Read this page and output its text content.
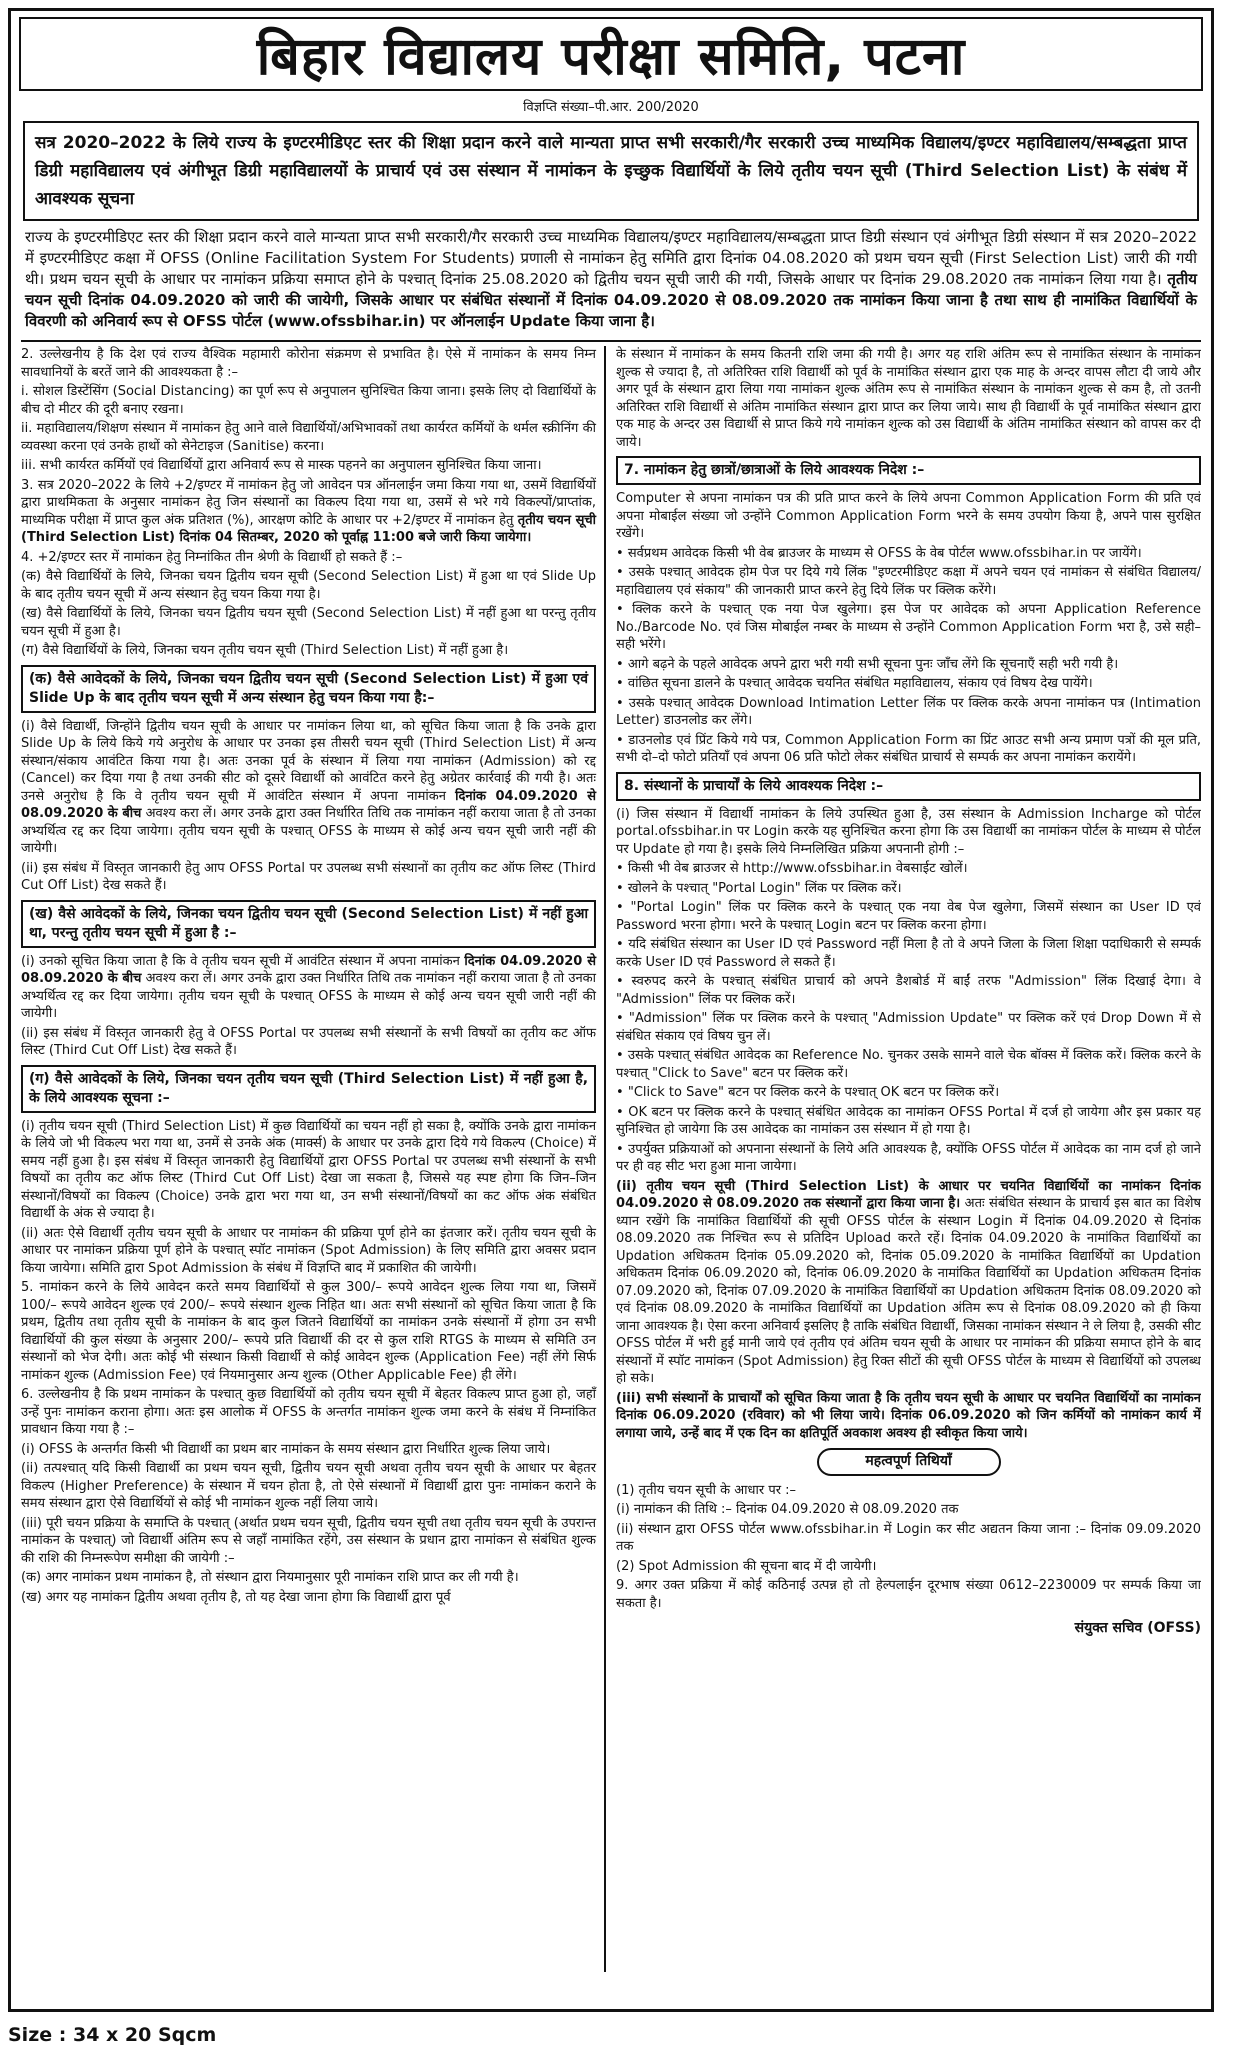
बिहार विद्यालय परीक्षा समिति, पटना
विज्ञप्ति संख्या–पी.आर. 200/2020
सत्र 2020–2022 के लिये राज्य के इण्टरमीडिएट स्तर की शिक्षा प्रदान करने वाले मान्यता प्राप्त सभी सरकारी/गैर सरकारी उच्च माध्यमिक विद्यालय/इण्टर महाविद्यालय/सम्बद्धता प्राप्त डिग्री महाविद्यालय एवं अंगीभूत डिग्री महाविद्यालयों के प्राचार्य एवं उस संस्थान में नामांकन के इच्छुक विद्यार्थियों के लिये तृतीय चयन सूची (Third Selection List) के संबंध में आवश्यक सूचना
राज्य के इण्टरमीडिएट स्तर की शिक्षा प्रदान करने वाले मान्यता प्राप्त सभी सरकारी/गैर सरकारी उच्च माध्यमिक विद्यालय/इण्टर महाविद्यालय/सम्बद्धता प्राप्त डिग्री संस्थान एवं अंगीभूत डिग्री संस्थान में सत्र 2020–2022 में इण्टरमीडिएट कक्षा में OFSS (Online Facilitation System For Students) प्रणाली से नामांकन हेतु समिति द्वारा दिनांक 04.08.2020 को प्रथम चयन सूची (First Selection List) जारी की गयी थी। प्रथम चयन सूची के आधार पर नामांकन प्रक्रिया समाप्त होने के पश्चात् दिनांक 25.08.2020 को द्वितीय चयन सूची जारी की गयी, जिसके आधार पर दिनांक 29.08.2020 तक नामांकन लिया गया है। तृतीय चयन सूची दिनांक 04.09.2020 को जारी की जायेगी, जिसके आधार पर संबंधित संस्थानों में दिनांक 04.09.2020 से 08.09.2020 तक नामांकन किया जाना है तथा साथ ही नामांकित विद्यार्थियों के विवरणी को अनिवार्य रूप से OFSS पोर्टल (www.ofssbihar.in) पर ऑनलाईन Update किया जाना है।

2. उल्लेखनीय है कि देश एवं राज्य वैश्विक महामारी कोरोना संक्रमण से प्रभावित है। ऐसे में नामांकन के समय निम्न सावधानियों के बरतें जाने की आवश्यकता है :–

i. सोशल डिस्टेंसिंग (Social Distancing) का पूर्ण रूप से अनुपालन सुनिश्चित किया जाना। इसके लिए दो विद्यार्थियों के बीच दो मीटर की दूरी बनाए रखना।

ii. महाविद्यालय/शिक्षण संस्थान में नामांकन हेतु आने वाले विद्यार्थियों/अभिभावकों तथा कार्यरत कर्मियों के थर्मल स्क्रीनिंग की व्यवस्था करना एवं उनके हाथों को सेनेटाइज (Sanitise) करना।

iii. सभी कार्यरत कर्मियों एवं विद्यार्थियों द्वारा अनिवार्य रूप से मास्क पहनने का अनुपालन सुनिश्चित किया जाना।

3. सत्र 2020–2022 के लिये +2/इण्टर में नामांकन हेतु जो आवेदन पत्र ऑनलाईन जमा किया गया था, उसमें विद्यार्थियों द्वारा प्राथमिकता के अनुसार नामांकन हेतु जिन संस्थानों का विकल्प दिया गया था, उसमें से भरे गये विकल्पों/प्राप्तांक, माध्यमिक परीक्षा में प्राप्त कुल अंक प्रतिशत (%), आरक्षण कोटि के आधार पर +2/इण्टर में नामांकन हेतु तृतीय चयन सूची (Third Selection List) दिनांक 04 सितम्बर, 2020 को पूर्वाह्न 11:00 बजे जारी किया जायेगा।

4. +2/इण्टर स्तर में नामांकन हेतु निम्नांकित तीन श्रेणी के विद्यार्थी हो सकते हैं :–

(क) वैसे विद्यार्थियों के लिये, जिनका चयन द्वितीय चयन सूची (Second Selection List) में हुआ था एवं Slide Up के बाद तृतीय चयन सूची में अन्य संस्थान हेतु चयन किया गया है।

(ख) वैसे विद्यार्थियों के लिये, जिनका चयन द्वितीय चयन सूची (Second Selection List) में नहीं हुआ था परन्तु तृतीय चयन सूची में हुआ है।

(ग) वैसे विद्यार्थियों के लिये, जिनका चयन तृतीय चयन सूची (Third Selection List) में नहीं हुआ है।

(क) वैसे आवेदकों के लिये, जिनका चयन द्वितीय चयन सूची (Second Selection List) में हुआ एवं Slide Up के बाद तृतीय चयन सूची में अन्य संस्थान हेतु चयन किया गया है:–

(i) वैसे विद्यार्थी, जिन्होंने द्वितीय चयन सूची के आधार पर नामांकन लिया था, को सूचित किया जाता है कि उनके द्वारा Slide Up के लिये किये गये अनुरोध के आधार पर उनका इस तीसरी चयन सूची (Third Selection List) में अन्य संस्थान/संकाय आवंटित किया गया है। अतः उनका पूर्व के संस्थान में लिया गया नामांकन (Admission) को रद्द (Cancel) कर दिया गया है तथा उनकी सीट को दूसरे विद्यार्थी को आवंटित करने हेतु अग्रेतर कार्रवाई की गयी है। अतः उनसे अनुरोध है कि वे तृतीय चयन सूची में आवंटित संस्थान में अपना नामांकन दिनांक 04.09.2020 से 08.09.2020 के बीच अवश्य करा लें। अगर उनके द्वारा उक्त निर्धारित तिथि तक नामांकन नहीं कराया जाता है तो उनका अभ्यर्थित्व रद्द कर दिया जायेगा। तृतीय चयन सूची के पश्चात् OFSS के माध्यम से कोई अन्य चयन सूची जारी नहीं की जायेगी।

(ii) इस संबंध में विस्तृत जानकारी हेतु आप OFSS Portal पर उपलब्ध सभी संस्थानों का तृतीय कट ऑफ लिस्ट (Third Cut Off List) देख सकते हैं।

(ख) वैसे आवेदकों के लिये, जिनका चयन द्वितीय चयन सूची (Second Selection List) में नहीं हुआ था, परन्तु तृतीय चयन सूची में हुआ है :–

(i) उनको सूचित किया जाता है कि वे तृतीय चयन सूची में आवंटित संस्थान में अपना नामांकन दिनांक 04.09.2020 से 08.09.2020 के बीच अवश्य करा लें। अगर उनके द्वारा उक्त निर्धारित तिथि तक नामांकन नहीं कराया जाता है तो उनका अभ्यर्थित्व रद्द कर दिया जायेगा। तृतीय चयन सूची के पश्चात् OFSS के माध्यम से कोई अन्य चयन सूची जारी नहीं की जायेगी।

(ii) इस संबंध में विस्तृत जानकारी हेतु वे OFSS Portal पर उपलब्ध सभी संस्थानों के सभी विषयों का तृतीय कट ऑफ लिस्ट (Third Cut Off List) देख सकते हैं।

(ग) वैसे आवेदकों के लिये, जिनका चयन तृतीय चयन सूची (Third Selection List) में नहीं हुआ है, के लिये आवश्यक सूचना :–

(i) तृतीय चयन सूची (Third Selection List) में कुछ विद्यार्थियों का चयन नहीं हो सका है, क्योंकि उनके द्वारा नामांकन के लिये जो भी विकल्प भरा गया था, उनमें से उनके अंक (मार्क्स) के आधार पर उनके द्वारा दिये गये विकल्प (Choice) में समय नहीं हुआ है। इस संबंध में विस्तृत जानकारी हेतु विद्यार्थियों द्वारा OFSS Portal पर उपलब्ध सभी संस्थानों के सभी विषयों का तृतीय कट ऑफ लिस्ट (Third Cut Off List) देखा जा सकता है, जिससे यह स्पष्ट होगा कि जिन–जिन संस्थानों/विषयों का विकल्प (Choice) उनके द्वारा भरा गया था, उन सभी संस्थानों/विषयों का कट ऑफ अंक संबंधित विद्यार्थी के अंक से ज्यादा है।

(ii) अतः ऐसे विद्यार्थी तृतीय चयन सूची के आधार पर नामांकन की प्रक्रिया पूर्ण होने का इंतजार करें। तृतीय चयन सूची के आधार पर नामांकन प्रक्रिया पूर्ण होने के पश्चात् स्पॉट नामांकन (Spot Admission) के लिए समिति द्वारा अवसर प्रदान किया जायेगा। समिति द्वारा Spot Admission के संबंध में विज्ञप्ति बाद में प्रकाशित की जायेगी।

5. नामांकन करने के लिये आवेदन करते समय विद्यार्थियों से कुल 300/– रूपये आवेदन शुल्क लिया गया था, जिसमें 100/– रूपये आवेदन शुल्क एवं 200/– रूपये संस्थान शुल्क निहित था। अतः सभी संस्थानों को सूचित किया जाता है कि प्रथम, द्वितीय तथा तृतीय सूची के नामांकन के बाद कुल जितने विद्यार्थियों का नामांकन उनके संस्थानों में होगा उन सभी विद्यार्थियों की कुल संख्या के अनुसार 200/– रूपये प्रति विद्यार्थी की दर से कुल राशि RTGS के माध्यम से समिति उन संस्थानों को भेज देगी। अतः कोई भी संस्थान किसी विद्यार्थी से कोई आवेदन शुल्क (Application Fee) नहीं लेंगे सिर्फ नामांकन शुल्क (Admission Fee) एवं नियमानुसार अन्य शुल्क (Other Applicable Fee) ही लेंगे।

6. उल्लेखनीय है कि प्रथम नामांकन के पश्चात् कुछ विद्यार्थियों को तृतीय चयन सूची में बेहतर विकल्प प्राप्त हुआ हो, जहाँ उन्हें पुनः नामांकन कराना होगा। अतः इस आलोक में OFSS के अन्तर्गत नामांकन शुल्क जमा करने के संबंध में निम्नांकित प्रावधान किया गया है :–

(i) OFSS के अन्तर्गत किसी भी विद्यार्थी का प्रथम बार नामांकन के समय संस्थान द्वारा निर्धारित शुल्क लिया जाये।

(ii) तत्पश्चात् यदि किसी विद्यार्थी का प्रथम चयन सूची, द्वितीय चयन सूची अथवा तृतीय चयन सूची के आधार पर बेहतर विकल्प (Higher Preference) के संस्थान में चयन होता है, तो ऐसे संस्थानों में विद्यार्थी द्वारा पुनः नामांकन कराने के समय संस्थान द्वारा ऐसे विद्यार्थियों से कोई भी नामांकन शुल्क नहीं लिया जाये।

(iii) पूरी चयन प्रक्रिया के समाप्ति के पश्चात् (अर्थात प्रथम चयन सूची, द्वितीय चयन सूची तथा तृतीय चयन सूची के उपरान्त नामांकन के पश्चात्) जो विद्यार्थी अंतिम रूप से जहाँ नामांकित रहेंगे, उस संस्थान के प्रधान द्वारा नामांकन से संबंधित शुल्क की राशि की निम्नरूपेण समीक्षा की जायेगी :–

(क) अगर नामांकन प्रथम नामांकन है, तो संस्थान द्वारा नियमानुसार पूरी नामांकन राशि प्राप्त कर ली गयी है।

(ख) अगर यह नामांकन द्वितीय अथवा तृतीय है, तो यह देखा जाना होगा कि विद्यार्थी द्वारा पूर्व

के संस्थान में नामांकन के समय कितनी राशि जमा की गयी है। अगर यह राशि अंतिम रूप से नामांकित संस्थान के नामांकन शुल्क से ज्यादा है, तो अतिरिक्त राशि विद्यार्थी को पूर्व के नामांकित संस्थान द्वारा एक माह के अन्दर वापस लौटा दी जाये और अगर पूर्व के संस्थान द्वारा लिया गया नामांकन शुल्क अंतिम रूप से नामांकित संस्थान के नामांकन शुल्क से कम है, तो उतनी अतिरिक्त राशि विद्यार्थी से अंतिम नामांकित संस्थान द्वारा प्राप्त कर लिया जाये। साथ ही विद्यार्थी के पूर्व नामांकित संस्थान द्वारा एक माह के अन्दर उस विद्यार्थी से प्राप्त किये गये नामांकन शुल्क को उस विद्यार्थी के अंतिम नामांकित संस्थान को वापस कर दी जाये।

7. नामांकन हेतु छात्रों/छात्राओं के लिये आवश्यक निदेश :–

Computer से अपना नामांकन पत्र की प्रति प्राप्त करने के लिये अपना Common Application Form की प्रति एवं अपना मोबाईल संख्या जो उन्होंने Common Application Form भरने के समय उपयोग किया है, अपने पास सुरक्षित रखेंगे।

• सर्वप्रथम आवेदक किसी भी वेब ब्राउजर के माध्यम से OFSS के वेब पोर्टल www.ofssbihar.in पर जायेंगे।

• उसके पश्चात् आवेदक होम पेज पर दिये गये लिंक "इण्टरमीडिएट कक्षा में अपने चयन एवं नामांकन से संबंधित विद्यालय/महाविद्यालय एवं संकाय" की जानकारी प्राप्त करने हेतु दिये लिंक पर क्लिक करेंगे।

• क्लिक करने के पश्चात् एक नया पेज खुलेगा। इस पेज पर आवेदक को अपना Application Reference No./Barcode No. एवं जिस मोबाईल नम्बर के माध्यम से उन्होंने Common Application Form भरा है, उसे सही–सही भरेंगे।

• आगे बढ़ने के पहले आवेदक अपने द्वारा भरी गयी सभी सूचना पुनः जाँच लेंगे कि सूचनाएँ सही भरी गयी है।

• वांछित सूचना डालने के पश्चात् आवेदक चयनित संबंधित महाविद्यालय, संकाय एवं विषय देख पायेंगे।

• उसके पश्चात् आवेदक Download Intimation Letter लिंक पर क्लिक करके अपना नामांकन पत्र (Intimation Letter) डाउनलोड कर लेंगे।

• डाउनलोड एवं प्रिंट किये गये पत्र, Common Application Form का प्रिंट आउट सभी अन्य प्रमाण पत्रों की मूल प्रति, सभी दो–दो फोटो प्रतियाँ एवं अपना 06 प्रति फोटो लेकर संबंधित प्राचार्य से सम्पर्क कर अपना नामांकन करायेंगे।

8. संस्थानों के प्राचार्यों के लिये आवश्यक निदेश :–

(i) जिस संस्थान में विद्यार्थी नामांकन के लिये उपस्थित हुआ है, उस संस्थान के Admission Incharge को पोर्टल portal.ofssbihar.in पर Login करके यह सुनिश्चित करना होगा कि उस विद्यार्थी का नामांकन पोर्टल के माध्यम से पोर्टल पर Update हो गया है। इसके लिये निम्नलिखित प्रक्रिया अपनानी होगी :–

• किसी भी वेब ब्राउजर से http://www.ofssbihar.in वेबसाईट खोलें।

• खोलने के पश्चात् "Portal Login" लिंक पर क्लिक करें।

• "Portal Login" लिंक पर क्लिक करने के पश्चात् एक नया वेब पेज खुलेगा, जिसमें संस्थान का User ID एवं Password भरना होगा। भरने के पश्चात् Login बटन पर क्लिक करना होगा।

• यदि संबंधित संस्थान का User ID एवं Password नहीं मिला है तो वे अपने जिला के जिला शिक्षा पदाधिकारी से सम्पर्क करके User ID एवं Password ले सकते हैं।

• स्वरुपद करने के पश्चात् संबंधित प्राचार्य को अपने डैशबोर्ड में बाईं तरफ "Admission" लिंक दिखाई देगा। वे "Admission" लिंक पर क्लिक करें।

• "Admission" लिंक पर क्लिक करने के पश्चात् "Admission Update" पर क्लिक करें एवं Drop Down में से संबंधित संकाय एवं विषय चुन लें।

• उसके पश्चात् संबंधित आवेदक का Reference No. चुनकर उसके सामने वाले चेक बॉक्स में क्लिक करें। क्लिक करने के पश्चात् "Click to Save" बटन पर क्लिक करें।

• "Click to Save" बटन पर क्लिक करने के पश्चात् OK बटन पर क्लिक करें।

• OK बटन पर क्लिक करने के पश्चात् संबंधित आवेदक का नामांकन OFSS Portal में दर्ज हो जायेगा और इस प्रकार यह सुनिश्चित हो जायेगा कि उस आवेदक का नामांकन उस संस्थान में हो गया है।

• उपर्युक्त प्रक्रियाओं को अपनाना संस्थानों के लिये अति आवश्यक है, क्योंकि OFSS पोर्टल में आवेदक का नाम दर्ज हो जाने पर ही वह सीट भरा हुआ माना जायेगा।

(ii) तृतीय चयन सूची (Third Selection List) के आधार पर चयनित विद्यार्थियों का नामांकन दिनांक 04.09.2020 से 08.09.2020 तक संस्थानों द्वारा किया जाना है। अतः संबंधित संस्थान के प्राचार्य इस बात का विशेष ध्यान रखेंगे कि नामांकित विद्यार्थियों की सूची OFSS पोर्टल के संस्थान Login में दिनांक 04.09.2020 से दिनांक 08.09.2020 तक निश्चित रूप से प्रतिदिन Upload करते रहें। दिनांक 04.09.2020 के नामांकित विद्यार्थियों का Updation अधिकतम दिनांक 05.09.2020 को, दिनांक 05.09.2020 के नामांकित विद्यार्थियों का Updation अधिकतम दिनांक 06.09.2020 को, दिनांक 06.09.2020 के नामांकित विद्यार्थियों का Updation अधिकतम दिनांक 07.09.2020 को, दिनांक 07.09.2020 के नामांकित विद्यार्थियों का Updation अधिकतम दिनांक 08.09.2020 को एवं दिनांक 08.09.2020 के नामांकित विद्यार्थियों का Updation अंतिम रूप से दिनांक 08.09.2020 को ही किया जाना आवश्यक है। ऐसा करना अनिवार्य इसलिए है ताकि संबंधित विद्यार्थी, जिसका नामांकन संस्थान ने ले लिया है, उसकी सीट OFSS पोर्टल में भरी हुई मानी जाये एवं तृतीय एवं अंतिम चयन सूची के आधार पर नामांकन की प्रक्रिया समाप्त होने के बाद संस्थानों में स्पॉट नामांकन (Spot Admission) हेतु रिक्त सीटों की सूची OFSS पोर्टल के माध्यम से विद्यार्थियों को उपलब्ध हो सके।

(iii) सभी संस्थानों के प्राचार्यों को सूचित किया जाता है कि तृतीय चयन सूची के आधार पर चयनित विद्यार्थियों का नामांकन दिनांक 06.09.2020 (रविवार) को भी लिया जाये। दिनांक 06.09.2020 को जिन कर्मियों को नामांकन कार्य में लगाया जाये, उन्हें बाद में एक दिन का क्षतिपूर्ति अवकाश अवश्य ही स्वीकृत किया जाये।

महत्वपूर्ण तिथियाँ

(1) तृतीय चयन सूची के आधार पर :–

(i) नामांकन की तिथि :– दिनांक 04.09.2020 से 08.09.2020 तक

(ii) संस्थान द्वारा OFSS पोर्टल www.ofssbihar.in में Login कर सीट अद्यतन किया जाना :– दिनांक 09.09.2020 तक

(2) Spot Admission की सूचना बाद में दी जायेगी।

9. अगर उक्त प्रक्रिया में कोई कठिनाई उत्पन्न हो तो हेल्पलाईन दूरभाष संख्या 0612–2230009 पर सम्पर्क किया जा सकता है।

संयुक्त सचिव (OFSS)
Size : 34 x 20 Sqcm
